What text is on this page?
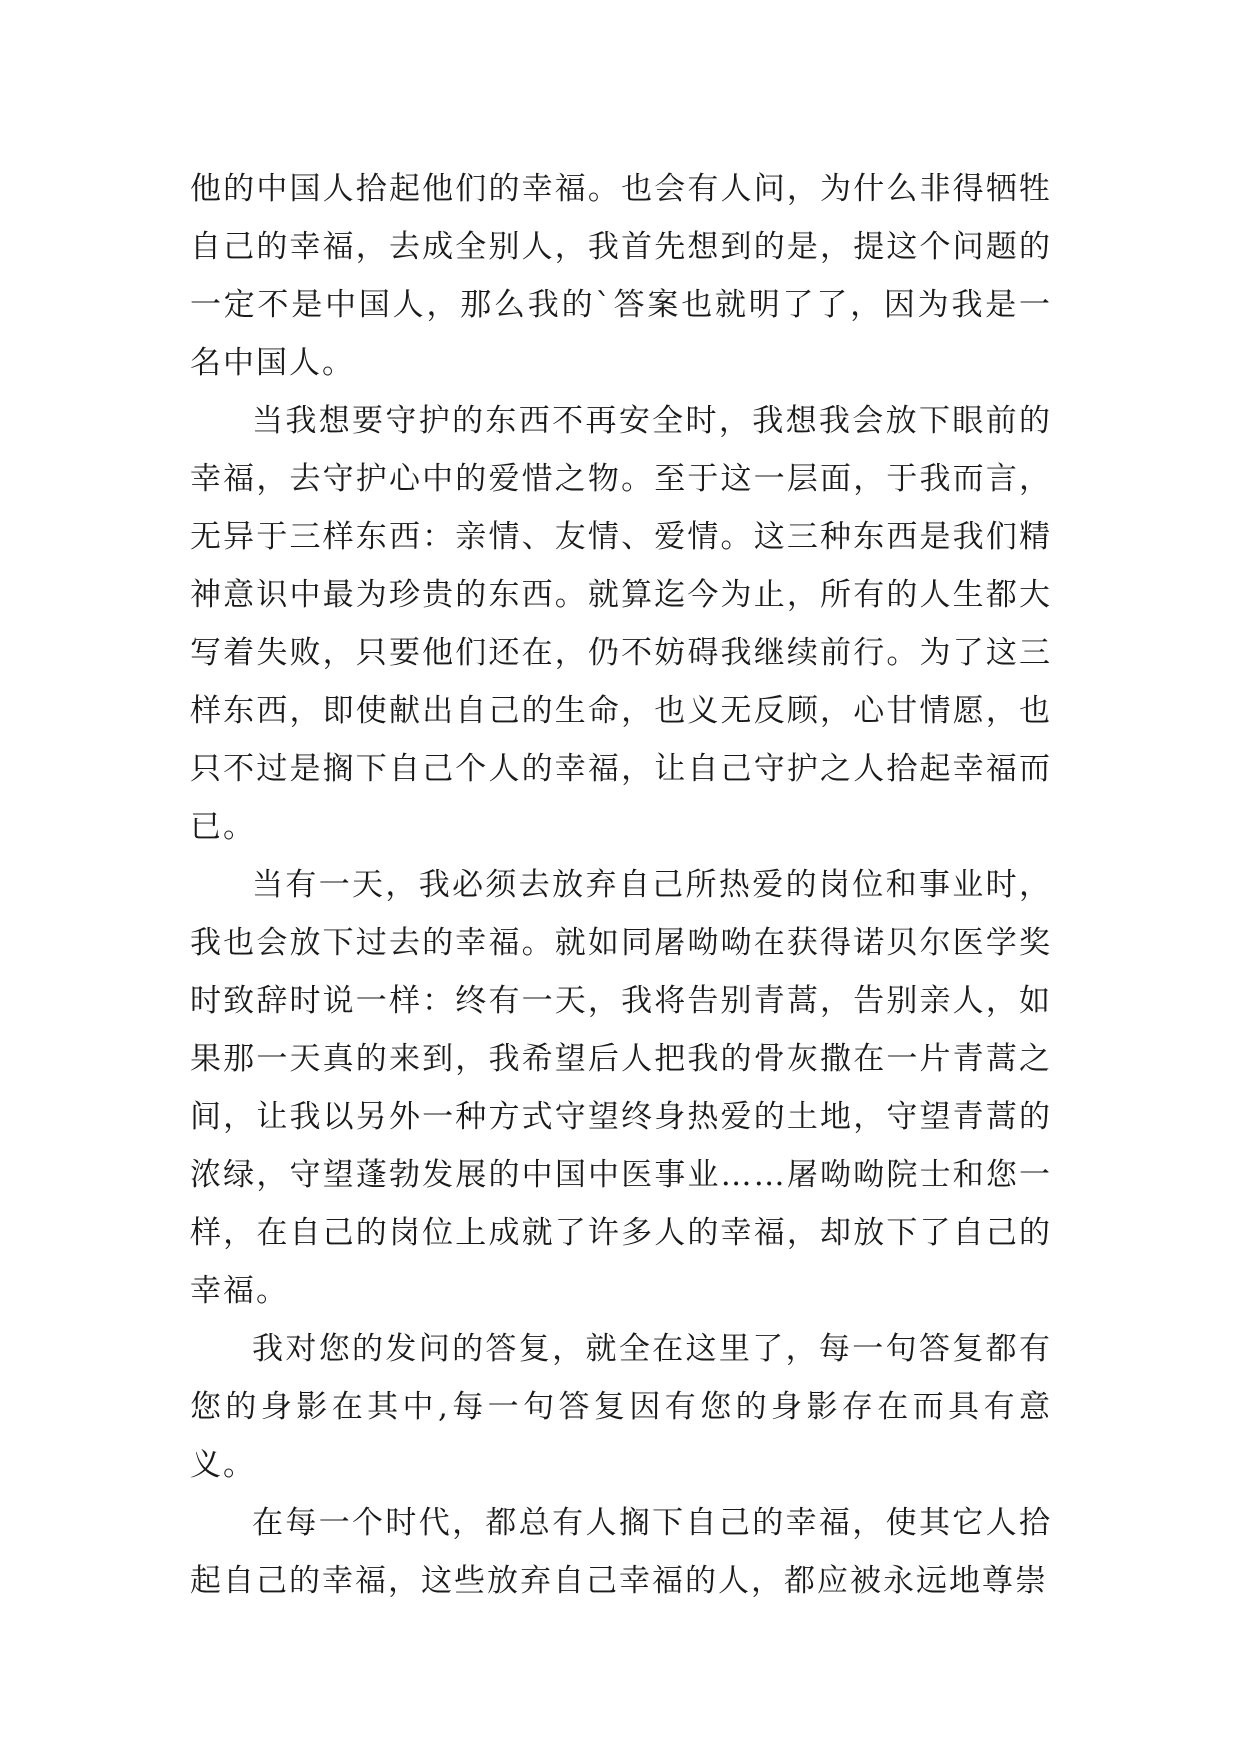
他的中国人拾起他们的幸福。也会有人问，为什么非得牺牲自己的幸福，去成全别人，我首先想到的是，提这个问题的一定不是中国人，那么我的`答案也就明了了，因为我是一名中国人。

当我想要守护的东西不再安全时，我想我会放下眼前的幸福，去守护心中的爱惜之物。至于这一层面，于我而言，无异于三样东西：亲情、友情、爱情。这三种东西是我们精神意识中最为珍贵的东西。就算迄今为止，所有的人生都大写着失败，只要他们还在，仍不妨碍我继续前行。为了这三样东西，即使献出自己的生命，也义无反顾，心甘情愿，也只不过是搁下自己个人的幸福，让自己守护之人拾起幸福而已。

当有一天，我必须去放弃自己所热爱的岗位和事业时，我也会放下过去的幸福。就如同屠呦呦在获得诺贝尔医学奖时致辞时说一样：终有一天，我将告别青蒿，告别亲人，如果那一天真的来到，我希望后人把我的骨灰撒在一片青蒿之间，让我以另外一种方式守望终身热爱的土地，守望青蒿的浓绿，守望蓬勃发展的中国中医事业……屠呦呦院士和您一样，在自己的岗位上成就了许多人的幸福，却放下了自己的幸福。

我对您的发问的答复，就全在这里了，每一句答复都有您的身影在其中,每一句答复因有您的身影存在而具有意义。

在每一个时代，都总有人搁下自己的幸福，使其它人拾起自己的幸福，这些放弃自己幸福的人，都应被永远地尊崇
